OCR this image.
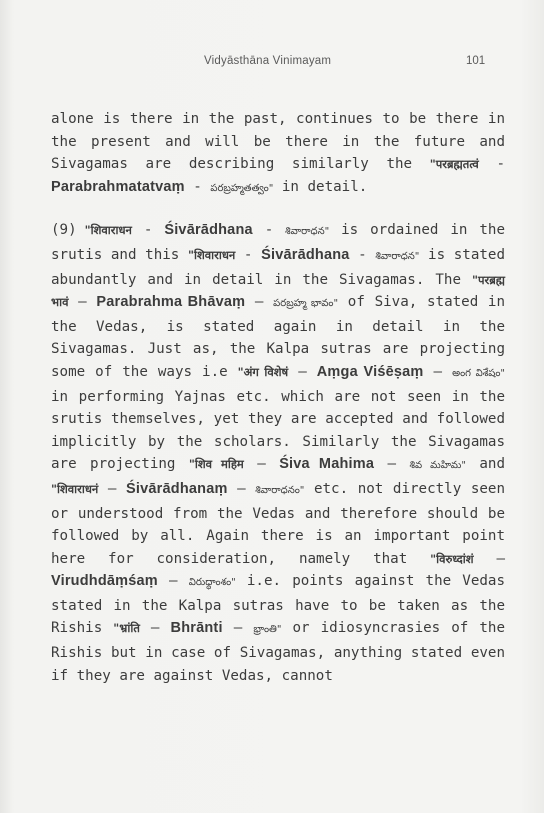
Vidyāsthāna Vinimayam	101

alone is there in the past, continues to be there in the present and will be there in the future and Sivagamas are describing similarly the "परब्रह्मतत्वं - Parabrahmatatvaṃ - పరబ్రహ్మతత్వం" in detail.

(9) "शिवाराधन - Śivārādhana - శివారాధన" is ordained in the srutis and this "शिवाराधन - Śivārādhana - శివారాధన" is stated abundantly and in detail in the Sivagamas. The "परब्रह्म भावं – Parabrahma Bhāvaṃ – పరబ్రహ్మ భావం" of Siva, stated in the Vedas, is stated again in detail in the Sivagamas. Just as, the Kalpa sutras are projecting some of the ways i.e "अंग विशेषं – Aṃga Viśēṣaṃ – అంగ విశేషం" in performing Yajnas etc. which are not seen in the srutis themselves, yet they are accepted and followed implicitly by the scholars. Similarly the Sivagamas are projecting "शिव महिम – Śiva Mahima – శివ మహిమ" and "शिवाराधनं – Śivārādhanaṃ – శివారాధనం" etc. not directly seen or understood from the Vedas and therefore should be followed by all. Again there is an important point here for consideration, namely that "विरुध्दांशं – Virudhdāṃśaṃ – విరుధ్ధాంశం" i.e. points against the Vedas stated in the Kalpa sutras have to be taken as the Rishis "भ्रांति – Bhrānti – భ్రాంతి" or idiosyncrasies of the Rishis but in case of Sivagamas, anything stated even if they are against Vedas, cannot
